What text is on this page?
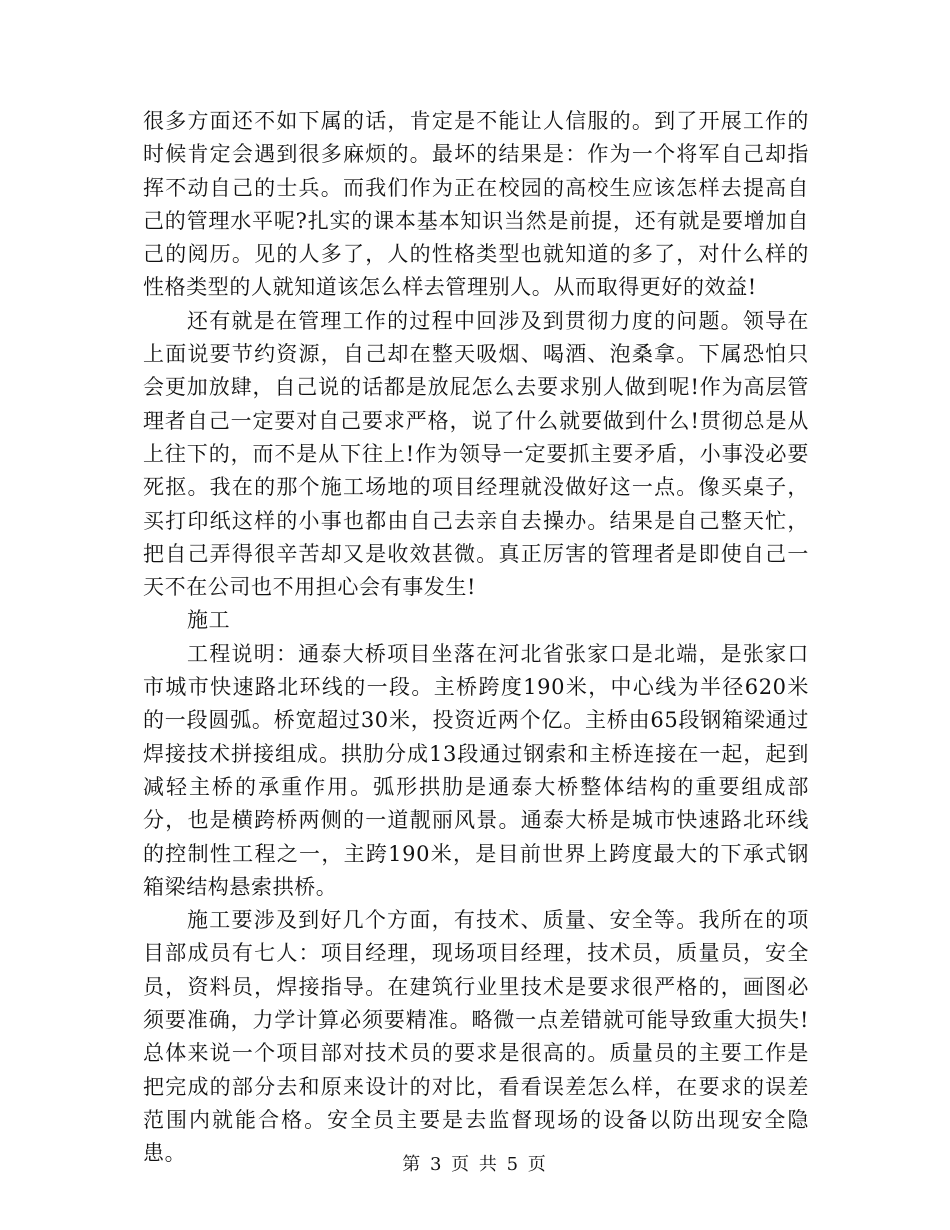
很多方面还不如下属的话，肯定是不能让人信服的。到了开展工作的时候肯定会遇到很多麻烦的。最坏的结果是：作为一个将军自己却指挥不动自己的士兵。而我们作为正在校园的高校生应该怎样去提高自己的管理水平呢?扎实的课本基本知识当然是前提，还有就是要增加自己的阅历。见的人多了，人的性格类型也就知道的多了，对什么样的性格类型的人就知道该怎么样去管理别人。从而取得更好的效益!

还有就是在管理工作的过程中回涉及到贯彻力度的问题。领导在上面说要节约资源，自己却在整天吸烟、喝酒、泡桑拿。下属恐怕只会更加放肆，自己说的话都是放屁怎么去要求别人做到呢!作为高层管理者自己一定要对自己要求严格，说了什么就要做到什么!贯彻总是从上往下的，而不是从下往上!作为领导一定要抓主要矛盾，小事没必要死抠。我在的那个施工场地的项目经理就没做好这一点。像买桌子，买打印纸这样的小事也都由自己去亲自去操办。结果是自己整天忙，把自己弄得很辛苦却又是收效甚微。真正厉害的管理者是即使自己一天不在公司也不用担心会有事发生!

施工

工程说明：通泰大桥项目坐落在河北省张家口是北端，是张家口市城市快速路北环线的一段。主桥跨度190米，中心线为半径620米的一段圆弧。桥宽超过30米，投资近两个亿。主桥由65段钢箱梁通过焊接技术拼接组成。拱肋分成13段通过钢索和主桥连接在一起，起到减轻主桥的承重作用。弧形拱肋是通泰大桥整体结构的重要组成部分，也是横跨桥两侧的一道靓丽风景。通泰大桥是城市快速路北环线的控制性工程之一，主跨190米，是目前世界上跨度最大的下承式钢箱梁结构悬索拱桥。

施工要涉及到好几个方面，有技术、质量、安全等。我所在的项目部成员有七人：项目经理，现场项目经理，技术员，质量员，安全员，资料员，焊接指导。在建筑行业里技术是要求很严格的，画图必须要准确，力学计算必须要精准。略微一点差错就可能导致重大损失!总体来说一个项目部对技术员的要求是很高的。质量员的主要工作是把完成的部分去和原来设计的对比，看看误差怎么样，在要求的误差范围内就能合格。安全员主要是去监督现场的设备以防出现安全隐患。	第 3 页 共 5 页
